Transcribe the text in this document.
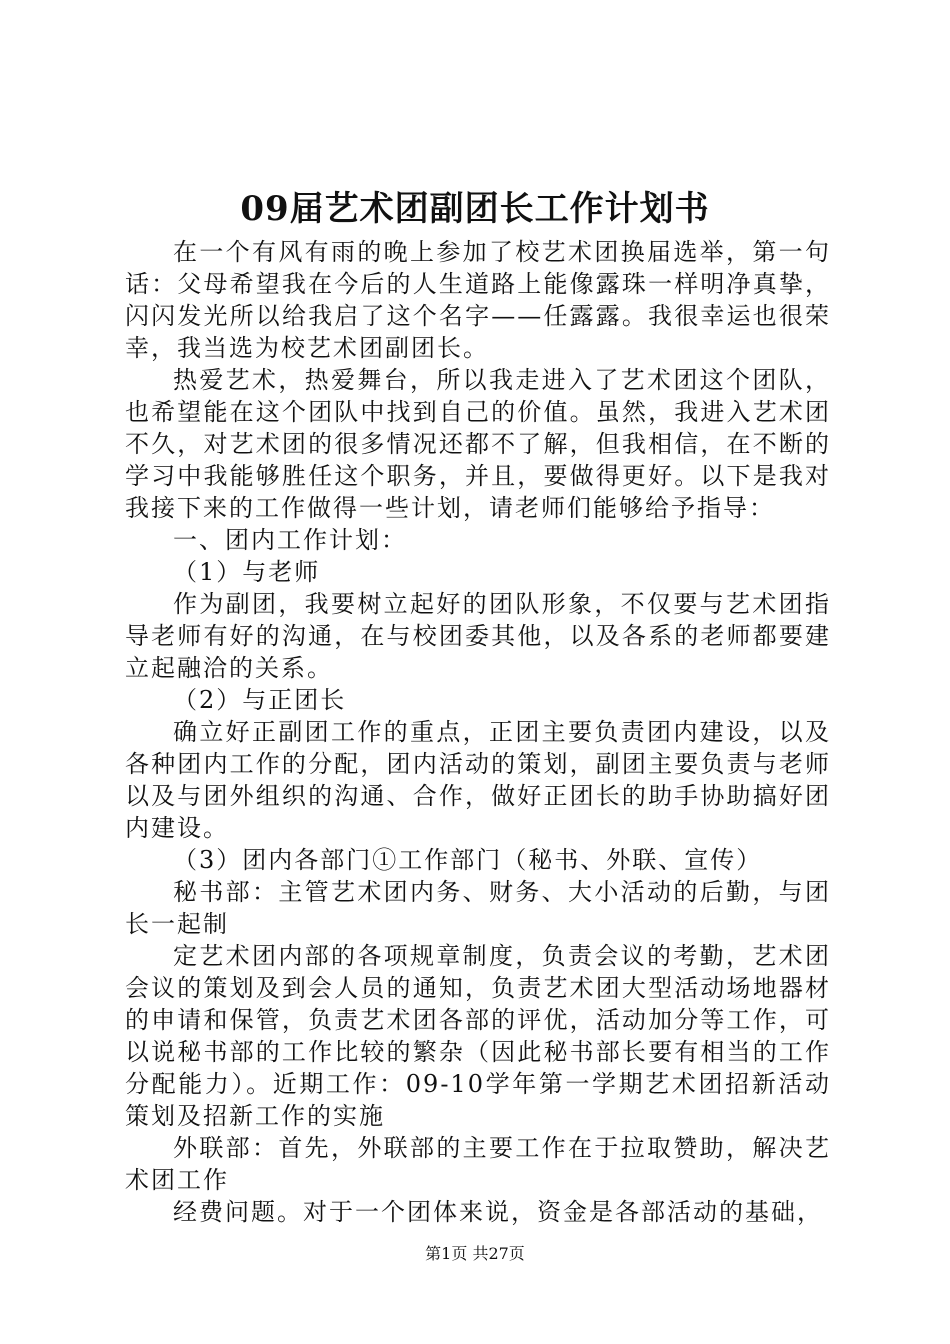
09届艺术团副团长工作计划书

在一个有风有雨的晚上参加了校艺术团换届选举，第一句话：父母希望我在今后的人生道路上能像露珠一样明净真挚，闪闪发光所以给我启了这个名字——任露露。我很幸运也很荣幸，我当选为校艺术团副团长。

热爱艺术，热爱舞台，所以我走进入了艺术团这个团队，也希望能在这个团队中找到自己的价值。虽然，我进入艺术团不久，对艺术团的很多情况还都不了解，但我相信，在不断的学习中我能够胜任这个职务，并且，要做得更好。以下是我对我接下来的工作做得一些计划，请老师们能够给予指导：

一、团内工作计划：

（1）与老师

作为副团，我要树立起好的团队形象，不仅要与艺术团指导老师有好的沟通，在与校团委其他，以及各系的老师都要建立起融洽的关系。

（2）与正团长

确立好正副团工作的重点，正团主要负责团内建设，以及各种团内工作的分配，团内活动的策划，副团主要负责与老师以及与团外组织的沟通、合作，做好正团长的助手协助搞好团内建设。

（3）团内各部门①工作部门（秘书、外联、宣传）

秘书部：主管艺术团内务、财务、大小活动的后勤，与团长一起制

定艺术团内部的各项规章制度，负责会议的考勤，艺术团会议的策划及到会人员的通知，负责艺术团大型活动场地器材的申请和保管，负责艺术团各部的评优，活动加分等工作，可以说秘书部的工作比较的繁杂（因此秘书部长要有相当的工作分配能力）。近期工作：09-10学年第一学期艺术团招新活动策划及招新工作的实施

外联部：首先，外联部的主要工作在于拉取赞助，解决艺术团工作

经费问题。对于一个团体来说，资金是各部活动的基础，

第1页 共27页
